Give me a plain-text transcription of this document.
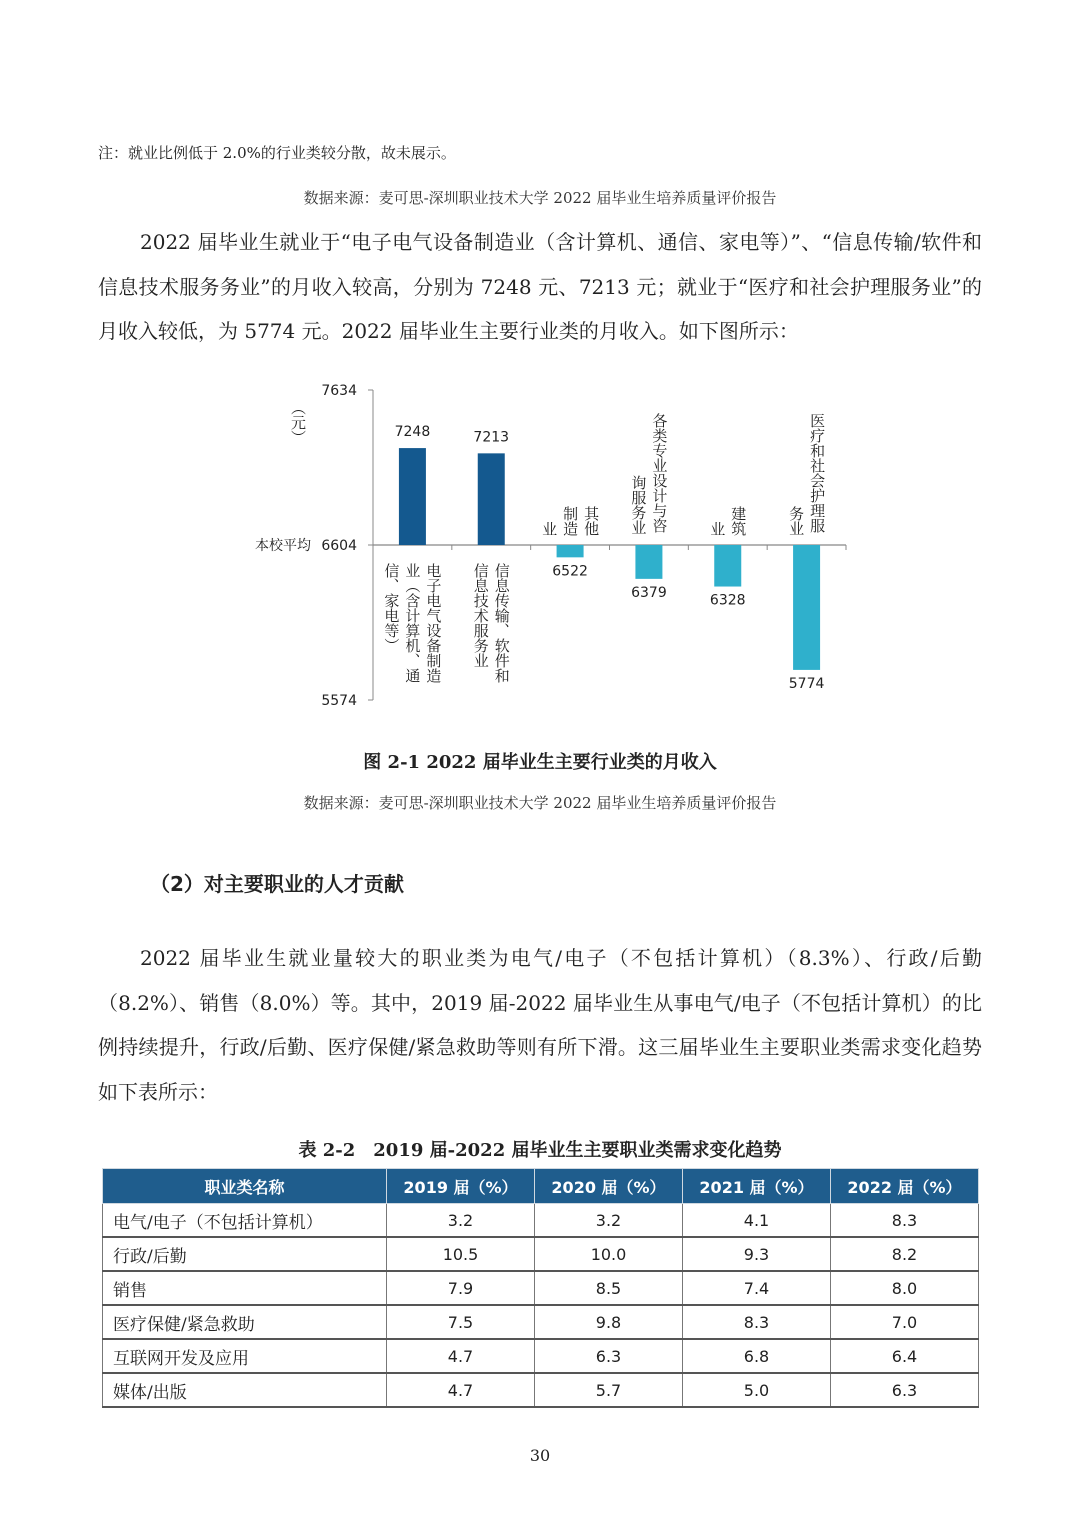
注：就业比例低于 2.0%的行业类较分散，故未展示。
数据来源：麦可思-深圳职业技术大学 2022 届毕业生培养质量评价报告

2022 届毕业生就业于“电子电气设备制造业（含计算机、通信、家电等）”、“信息传输/软件和信息技术服务务业”的月收入较高，分别为 7248 元、7213 元；就业于“医疗和社会护理服务业”的月收入较低，为 5774 元。2022 届毕业生主要行业类的月收入。如下图所示：

7634
6604
5574
本校平均
（元）	7248
电子电气设备制造
业（含计算机、通
信、家电等）
7213
信息传输、软件和
信息技术服务业	6522
其他
制造
业
6379
各类专业设计与咨
询服务业
6328
建筑
业
5774
医疗和社会护理服
务业
图 2-1 2022 届毕业生主要行业类的月收入
数据来源：麦可思-深圳职业技术大学 2022 届毕业生培养质量评价报告
（2）对主要职业的人才贡献

2022 届毕业生就业量较大的职业类为电气/电子（不包括计算机）（8.3%）、行政/后勤（8.2%）、销售（8.0%）等。其中，2019 届-2022 届毕业生从事电气/电子（不包括计算机）的比例持续提升，行政/后勤、医疗保健/紧急救助等则有所下滑。这三届毕业生主要职业类需求变化趋势如下表所示：

表 2-2　2019 届-2022 届毕业生主要职业类需求变化趋势
职业类名称	2019 届（%）	2020 届（%）	2021 届（%）	2022 届（%）
电气/电子（不包括计算机）	3.2	3.2	4.1	8.3
行政/后勤	10.5	10.0	9.3	8.2
销售	7.9	8.5	7.4	8.0
医疗保健/紧急救助	7.5	9.8	8.3	7.0
互联网开发及应用	4.7	6.3	6.8	6.4
媒体/出版	4.7	5.7	5.0	6.3
30
